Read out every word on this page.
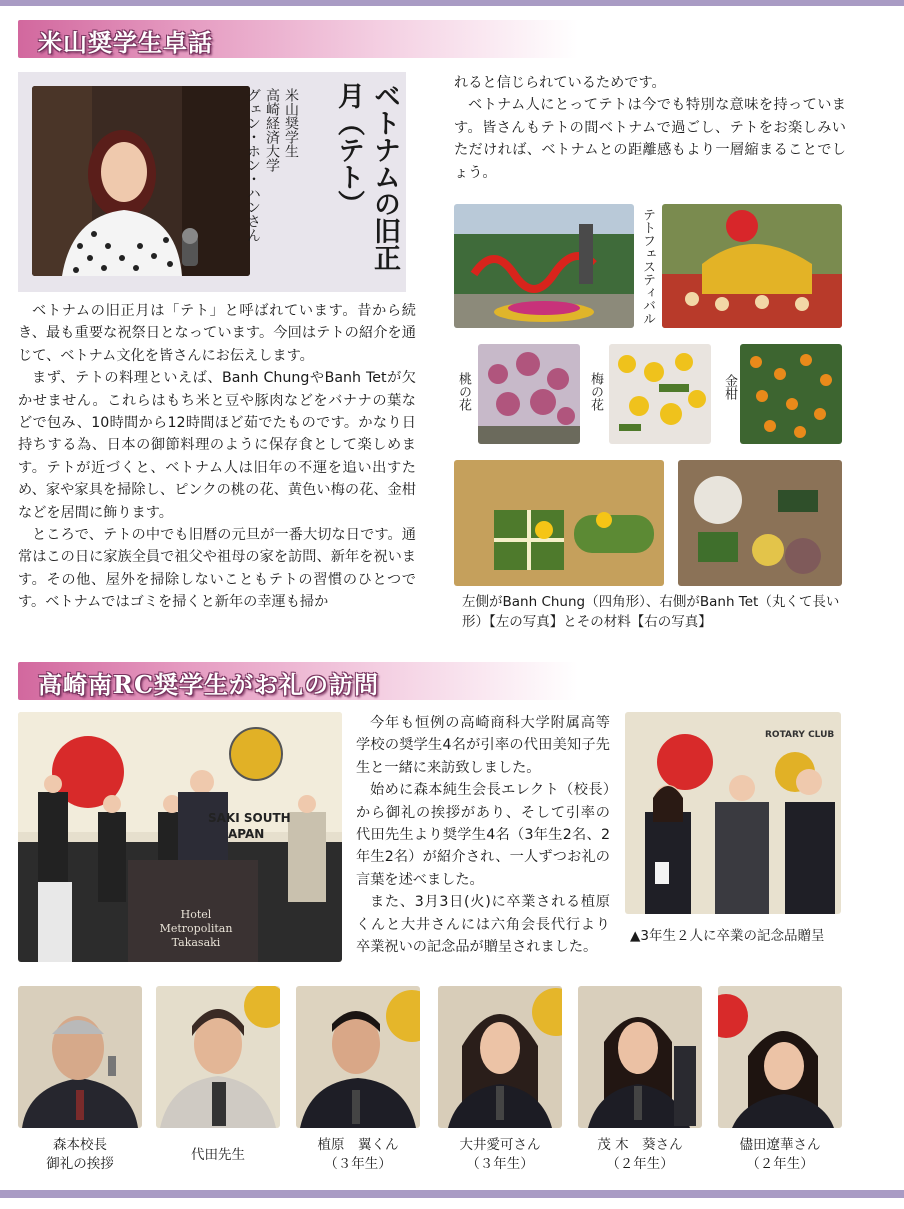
米山奨学生卓話
米山奨学生
高崎経済大学
グェン・ホン・ハンさん	ベトナムの旧正月（テト）

ベトナムの旧正月は「テト」と呼ばれています。昔から続き、最も重要な祝祭日となっています。今回はテトの紹介を通じて、ベトナム文化を皆さんにお伝えします。

まず、テトの料理といえば、Banh ChungやBanh Tetが欠かせません。これらはもち米と豆や豚肉などをバナナの葉などで包み、10時間から12時間ほど茹でたものです。かなり日持ちする為、日本の御節料理のように保存食として楽しめます。テトが近づくと、ベトナム人は旧年の不運を追い出すため、家や家具を掃除し、ピンクの桃の花、黄色い梅の花、金柑などを居間に飾ります。

ところで、テトの中でも旧暦の元旦が一番大切な日です。通常はこの日に家族全員で祖父や祖母の家を訪問、新年を祝います。その他、屋外を掃除しないこともテトの習慣のひとつです。ベトナムではゴミを掃くと新年の幸運も掃か

れると信じられているためです。

ベトナム人にとってテトは今でも特別な意味を持っています。皆さんもテトの間ベトナムで過ごし、テトをお楽しみいただければ、ベトナムとの距離感もより一層縮まることでしょう。

テトフェスティバル
桃の花	梅の花	金柑
左側がBanh Chung（四角形）、右側がBanh Tet（丸くて長い形）【左の写真】とその材料【右の写真】
高崎南RC奨学生がお礼の訪問
Hotel Metropolitan
Takasaki
SAKI SOUTH
APAN

今年も恒例の高崎商科大学附属高等学校の奨学生4名が引率の代田美知子先生と一緒に来訪致しました。

始めに森本純生会長エレクト（校長）から御礼の挨拶があり、そして引率の代田先生より奨学生4名（3年生2名、2年生2名）が紹介され、一人ずつお礼の言葉を述べました。

また、3月3日(火)に卒業される植原くんと大井さんには六角会長代行より卒業祝いの記念品が贈呈されました。

ROTARY CLUB
▲3年生２人に卒業の記念品贈呈
森本校長
御礼の挨拶
代田先生
植原　翼くん
（３年生）
大井愛可さん
（３年生）
茂 木　葵さん
（２年生）
儘田遼華さん
（２年生）
